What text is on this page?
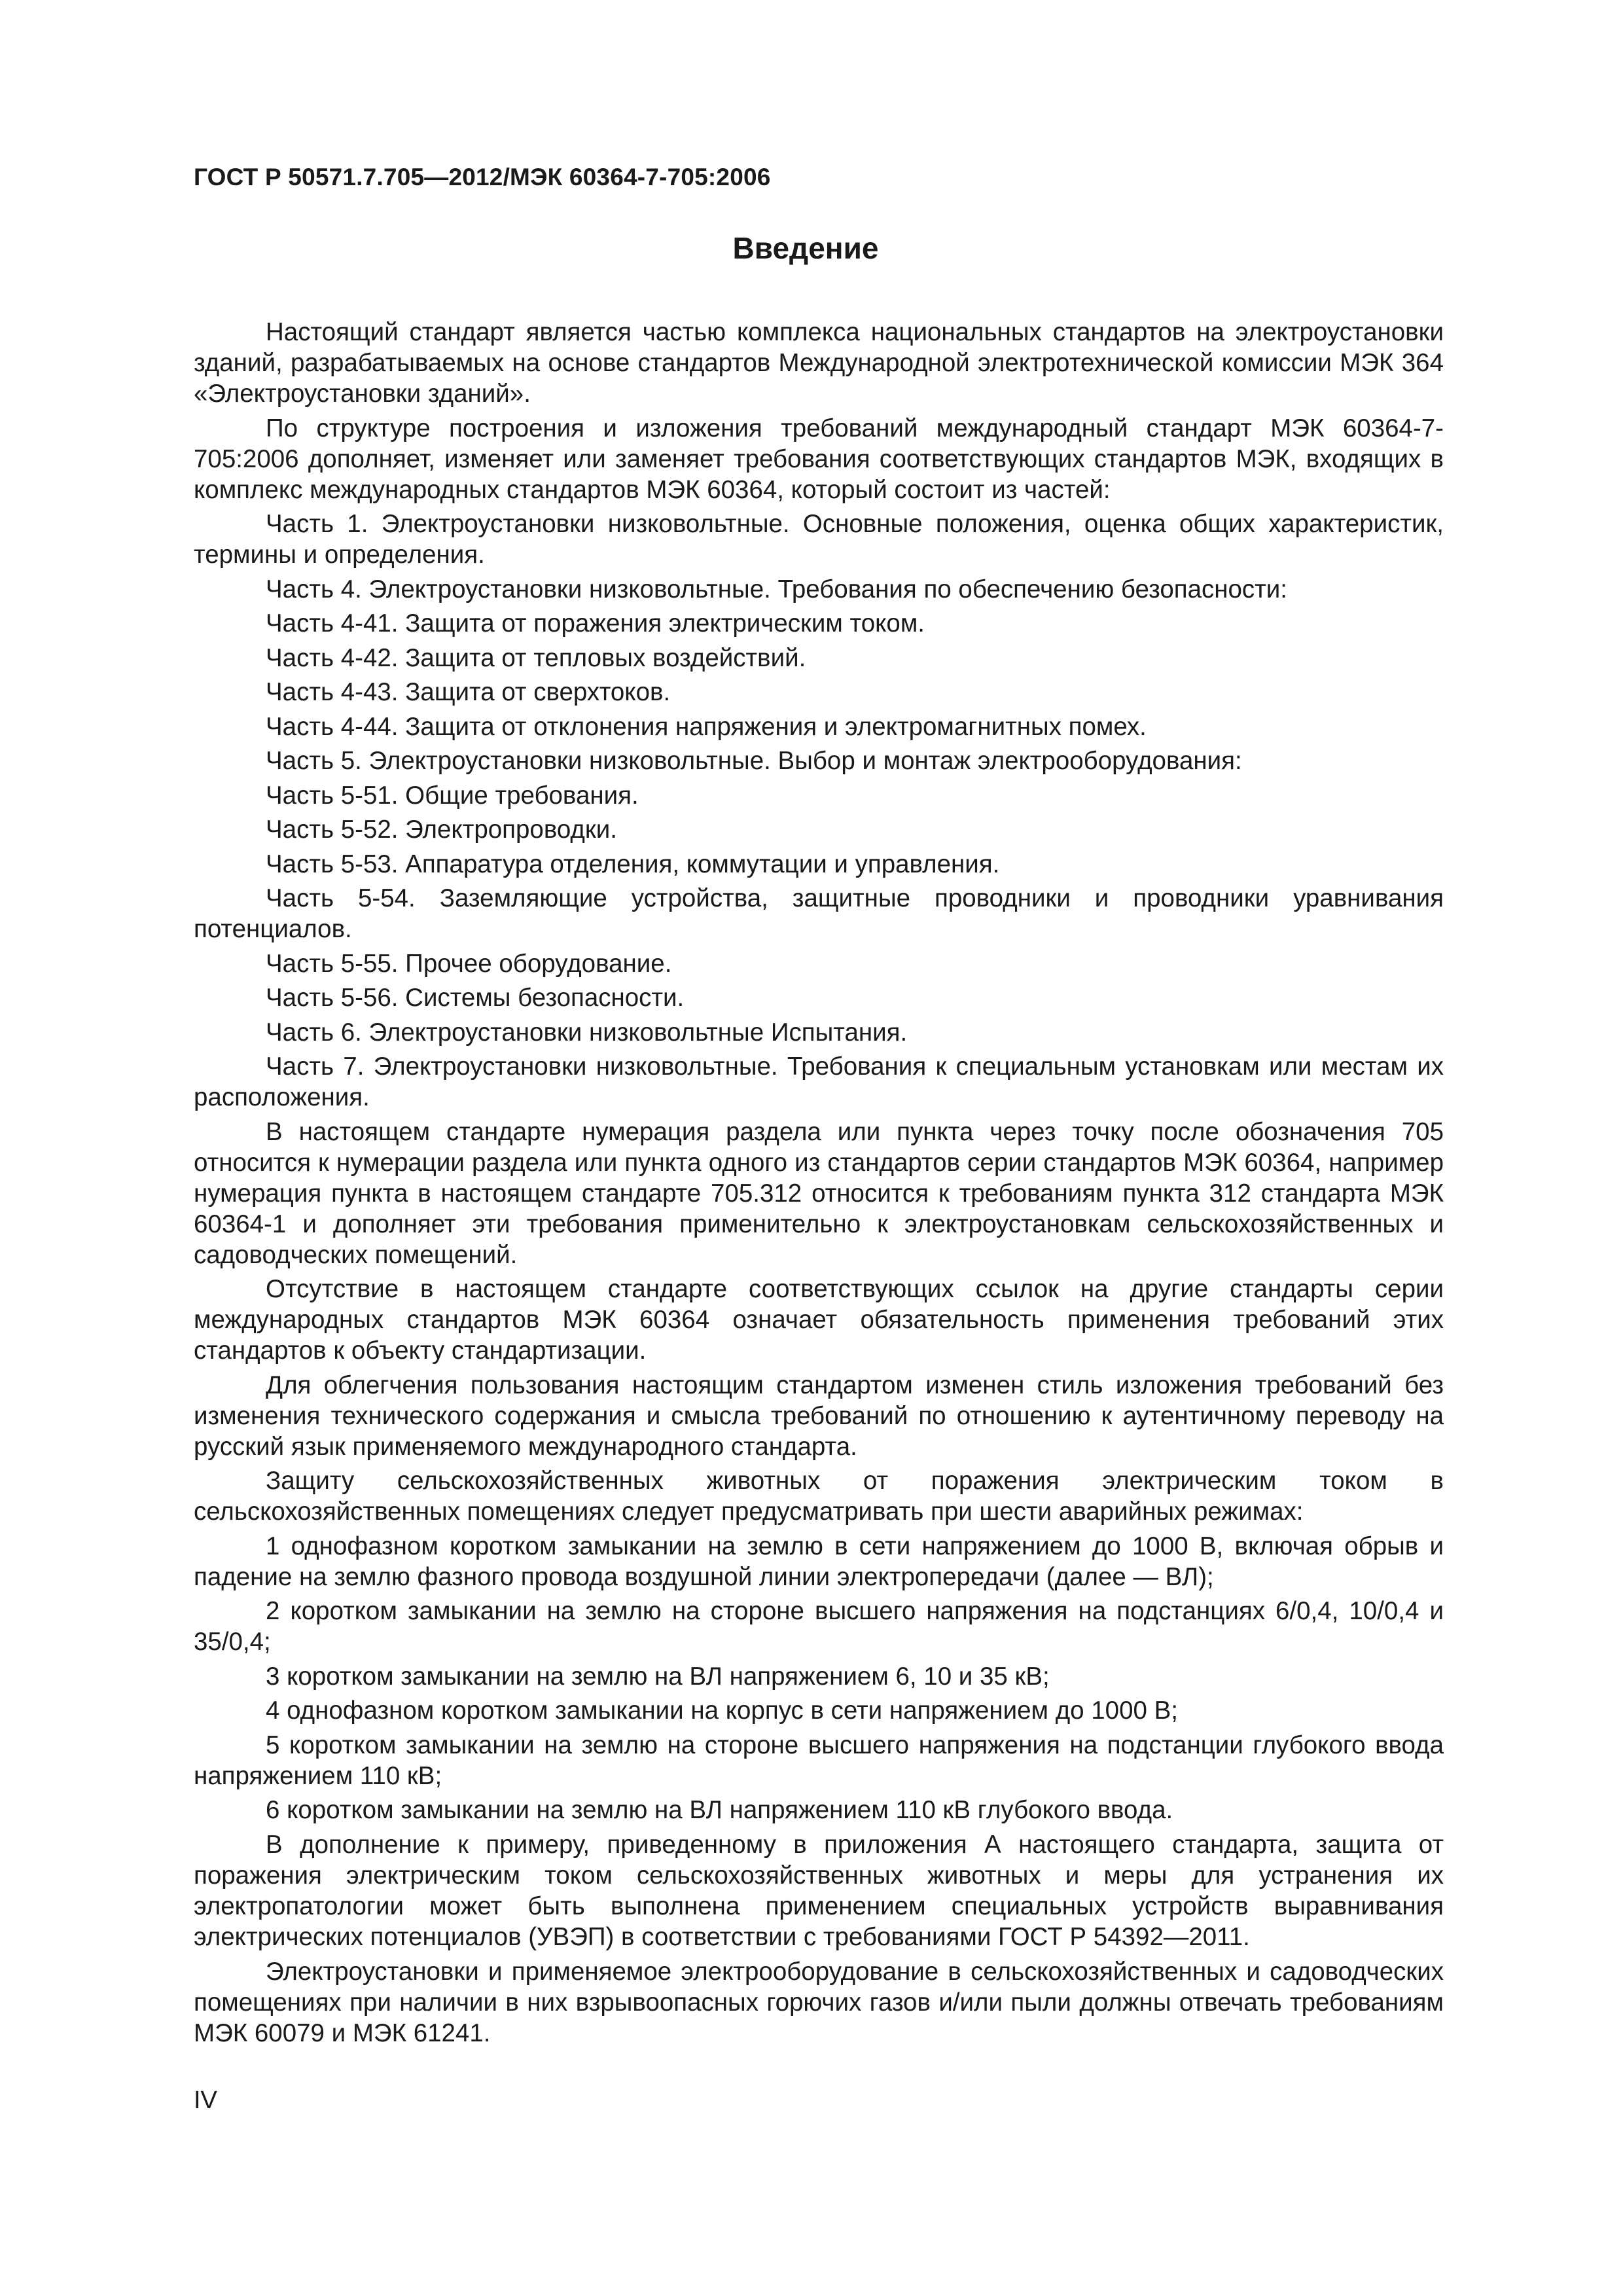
ГОСТ Р 50571.7.705—2012/МЭК 60364-7-705:2006
Введение

Настоящий стандарт является частью комплекса национальных стандартов на электроустановки зданий, разрабатываемых на основе стандартов Международной электротехнической комиссии МЭК 364 «Электроустановки зданий».

По структуре построения и изложения требований международный стандарт МЭК 60364-7-705:2006 дополняет, изменяет или заменяет требования соответствующих стандартов МЭК, входящих в комплекс международных стандартов МЭК 60364, который состоит из частей:

Часть 1. Электроустановки низковольтные. Основные положения, оценка общих характеристик, термины и определения.

Часть 4. Электроустановки низковольтные. Требования по обеспечению безопасности:

Часть 4-41. Защита от поражения электрическим током.

Часть 4-42. Защита от тепловых воздействий.

Часть 4-43. Защита от сверхтоков.

Часть 4-44. Защита от отклонения напряжения и электромагнитных помех.

Часть 5. Электроустановки низковольтные. Выбор и монтаж электрооборудования:

Часть 5-51. Общие требования.

Часть 5-52. Электропроводки.

Часть 5-53. Аппаратура отделения, коммутации и управления.

Часть 5-54. Заземляющие устройства, защитные проводники и проводники уравнивания потенциалов.

Часть 5-55. Прочее оборудование.

Часть 5-56. Системы безопасности.

Часть 6. Электроустановки низковольтные Испытания.

Часть 7. Электроустановки низковольтные. Требования к специальным установкам или местам их расположения.

В настоящем стандарте нумерация раздела или пункта через точку после обозначения 705 относится к нумерации раздела или пункта одного из стандартов серии стандартов МЭК 60364, например нумерация пункта в настоящем стандарте 705.312 относится к требованиям пункта 312 стандарта МЭК 60364-1 и дополняет эти требования применительно к электроустановкам сельскохозяйственных и садоводческих помещений.

Отсутствие в настоящем стандарте соответствующих ссылок на другие стандарты серии международных стандартов МЭК 60364 означает обязательность применения требований этих стандартов к объекту стандартизации.

Для облегчения пользования настоящим стандартом изменен стиль изложения требований без изменения технического содержания и смысла требований по отношению к аутентичному переводу на русский язык применяемого международного стандарта.

Защиту сельскохозяйственных животных от поражения электрическим током в сельскохозяйственных помещениях следует предусматривать при шести аварийных режимах:

1 однофазном коротком замыкании на землю в сети напряжением до 1000 В, включая обрыв и падение на землю фазного провода воздушной линии электропередачи (далее — ВЛ);

2 коротком замыкании на землю на стороне высшего напряжения на подстанциях 6/0,4, 10/0,4 и 35/0,4;

3 коротком замыкании на землю на ВЛ напряжением 6, 10 и 35 кВ;

4 однофазном коротком замыкании на корпус в сети напряжением до 1000 В;

5 коротком замыкании на землю на стороне высшего напряжения на подстанции глубокого ввода напряжением 110 кВ;

6 коротком замыкании на землю на ВЛ напряжением 110 кВ глубокого ввода.

В дополнение к примеру, приведенному в приложения А настоящего стандарта, защита от поражения электрическим током сельскохозяйственных животных и меры для устранения их электропатологии может быть выполнена применением специальных устройств выравнивания электрических потенциалов (УВЭП) в соответствии с требованиями ГОСТ Р 54392—2011.

Электроустановки и применяемое электрооборудование в сельскохозяйственных и садоводческих помещениях при наличии в них взрывоопасных горючих газов и/или пыли должны отвечать требованиям МЭК 60079 и МЭК 61241.

IV
